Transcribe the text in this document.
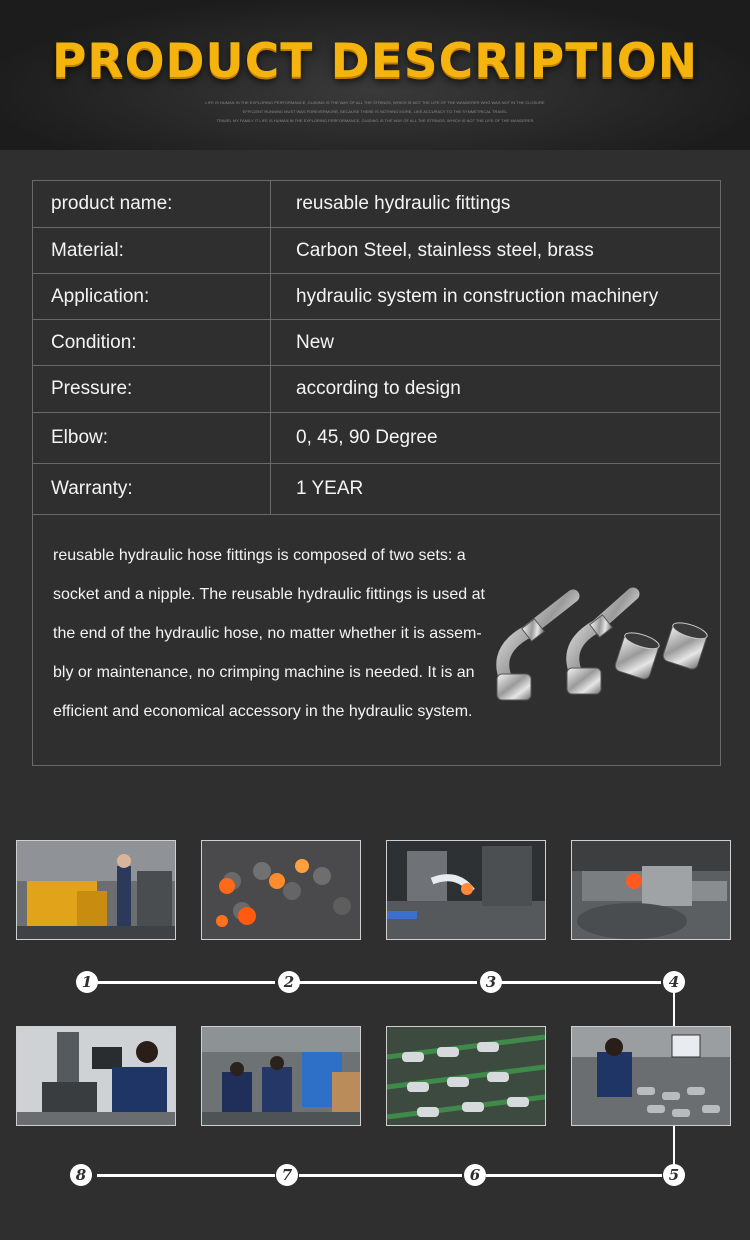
PRODUCT DESCRIPTION
LIFE IS HUMAN IN THE EXPLORING PERFORMANCE, GUIDING IS THE WAY OF ALL THE STRINGS, WHICH IS NOT THE LIFE OF THE WANDERER WHO WAS NOT IN THE CLOSURE
EFFICIENT RUNNING MUST WAS FOREVERMORE, BECAUSE THERE IS NOTHING MORE, LIKE ACCURACY TO THE SYMMETRICAL TRAVEL
TRAVEL MY FAMILY IT LIFE IS HUMAN IN THE EXPLORING PERFORMANCE, GUIDING IS THE WAY OF ALL THE STRINGS, WHICH IS NOT THE LIFE OF THE WANDERER
product name:	reusable hydraulic fittings
Material:	Carbon Steel, stainless steel, brass
Application:	hydraulic system in construction machinery
Condition:	New
Pressure:	according to design
Elbow:	0, 45, 90 Degree
Warranty:	1 YEAR
reusable hydraulic hose fittings is composed of two sets: a
socket and a nipple. The reusable hydraulic fittings is used at
the end of the hydraulic hose, no matter whether it is assem-
bly or maintenance, no crimping machine is needed. It is an
efficient and economical accessory in the hydraulic system.
1	2	3	4
5
6
7
8
